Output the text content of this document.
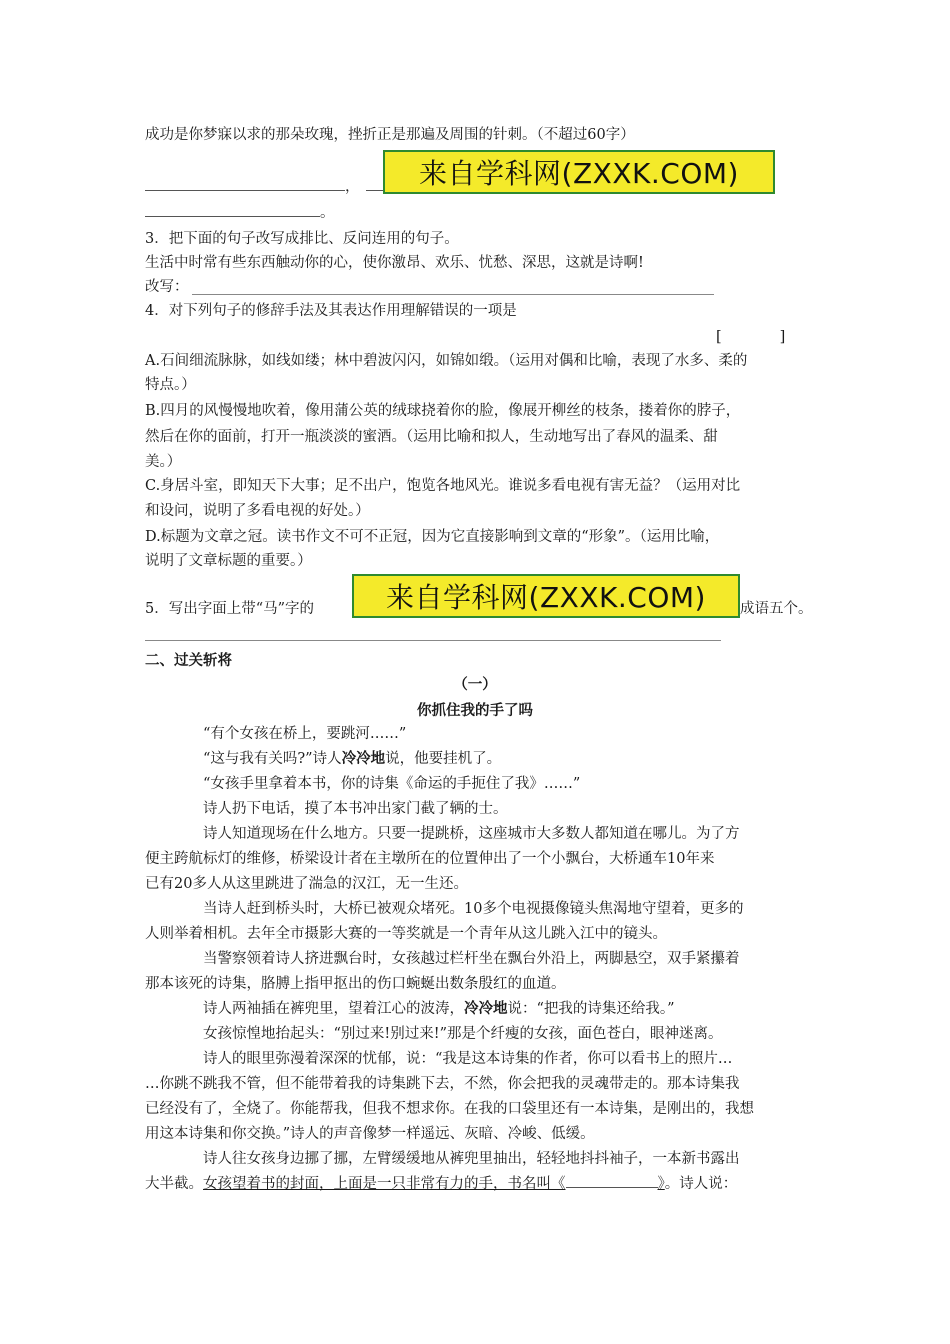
成功是你梦寐以求的那朵玫瑰，挫折正是那遍及周围的针刺。（不超过60字）
，	来自学科网(ZXXK.COM)
。
3．把下面的句子改写成排比、反问连用的句子。
生活中时常有些东西触动你的心，使你激昂、欢乐、忧愁、深思，这就是诗啊!
改写：
4．对下列句子的修辞手法及其表达作用理解错误的一项是
[　　　　]
A.石间细流脉脉，如线如缕；林中碧波闪闪，如锦如缎。（运用对偶和比喻，表现了水多、柔的
特点。）
B.四月的风慢慢地吹着，像用蒲公英的绒球挠着你的脸，像展开柳丝的枝条，搂着你的脖子，
然后在你的面前，打开一瓶淡淡的蜜酒。（运用比喻和拟人，生动地写出了春风的温柔、甜
美。）
C.身居斗室，即知天下大事；足不出户，饱览各地风光。谁说多看电视有害无益？（运用对比
和设问，说明了多看电视的好处。）
D.标题为文章之冠。读书作文不可不正冠，因为它直接影响到文章的“形象”。（运用比喻，
说明了文章标题的重要。）
5．写出字面上带“马”字的	来自学科网(ZXXK.COM)	成语五个。
二、过关斩将
（一）
你抓住我的手了吗
“有个女孩在桥上，要跳河……”
“这与我有关吗?”诗人冷冷地说，他要挂机了。
“女孩手里拿着本书，你的诗集《命运的手扼住了我》……”
诗人扔下电话，摸了本书冲出家门截了辆的士。
诗人知道现场在什么地方。只要一提跳桥，这座城市大多数人都知道在哪儿。为了方
便主跨航标灯的维修，桥梁设计者在主墩所在的位置伸出了一个小飘台，大桥通车10年来
已有20多人从这里跳进了湍急的汉江，无一生还。
当诗人赶到桥头时，大桥已被观众堵死。10多个电视摄像镜头焦渴地守望着，更多的
人则举着相机。去年全市摄影大赛的一等奖就是一个青年从这儿跳入江中的镜头。
当警察领着诗人挤进飘台时，女孩越过栏杆坐在飘台外沿上，两脚悬空，双手紧攥着
那本该死的诗集，胳膊上指甲抠出的伤口蜿蜒出数条殷红的血道。
诗人两袖插在裤兜里，望着江心的波涛，冷冷地说：“把我的诗集还给我。”
女孩惊惶地抬起头：“别过来!别过来!”那是个纤瘦的女孩，面色苍白，眼神迷离。
诗人的眼里弥漫着深深的忧郁，说：“我是这本诗集的作者，你可以看书上的照片…
…你跳不跳我不管，但不能带着我的诗集跳下去，不然，你会把我的灵魂带走的。那本诗集我
已经没有了，全烧了。你能帮我，但我不想求你。在我的口袋里还有一本诗集，是刚出的，我想
用这本诗集和你交换。”诗人的声音像梦一样遥远、灰暗、冷峻、低缓。
诗人往女孩身边挪了挪，左臂缓缓地从裤兜里抽出，轻轻地抖抖袖子，一本新书露出
大半截。女孩望着书的封面，上面是一只非常有力的手，书名叫《	》。诗人说：
